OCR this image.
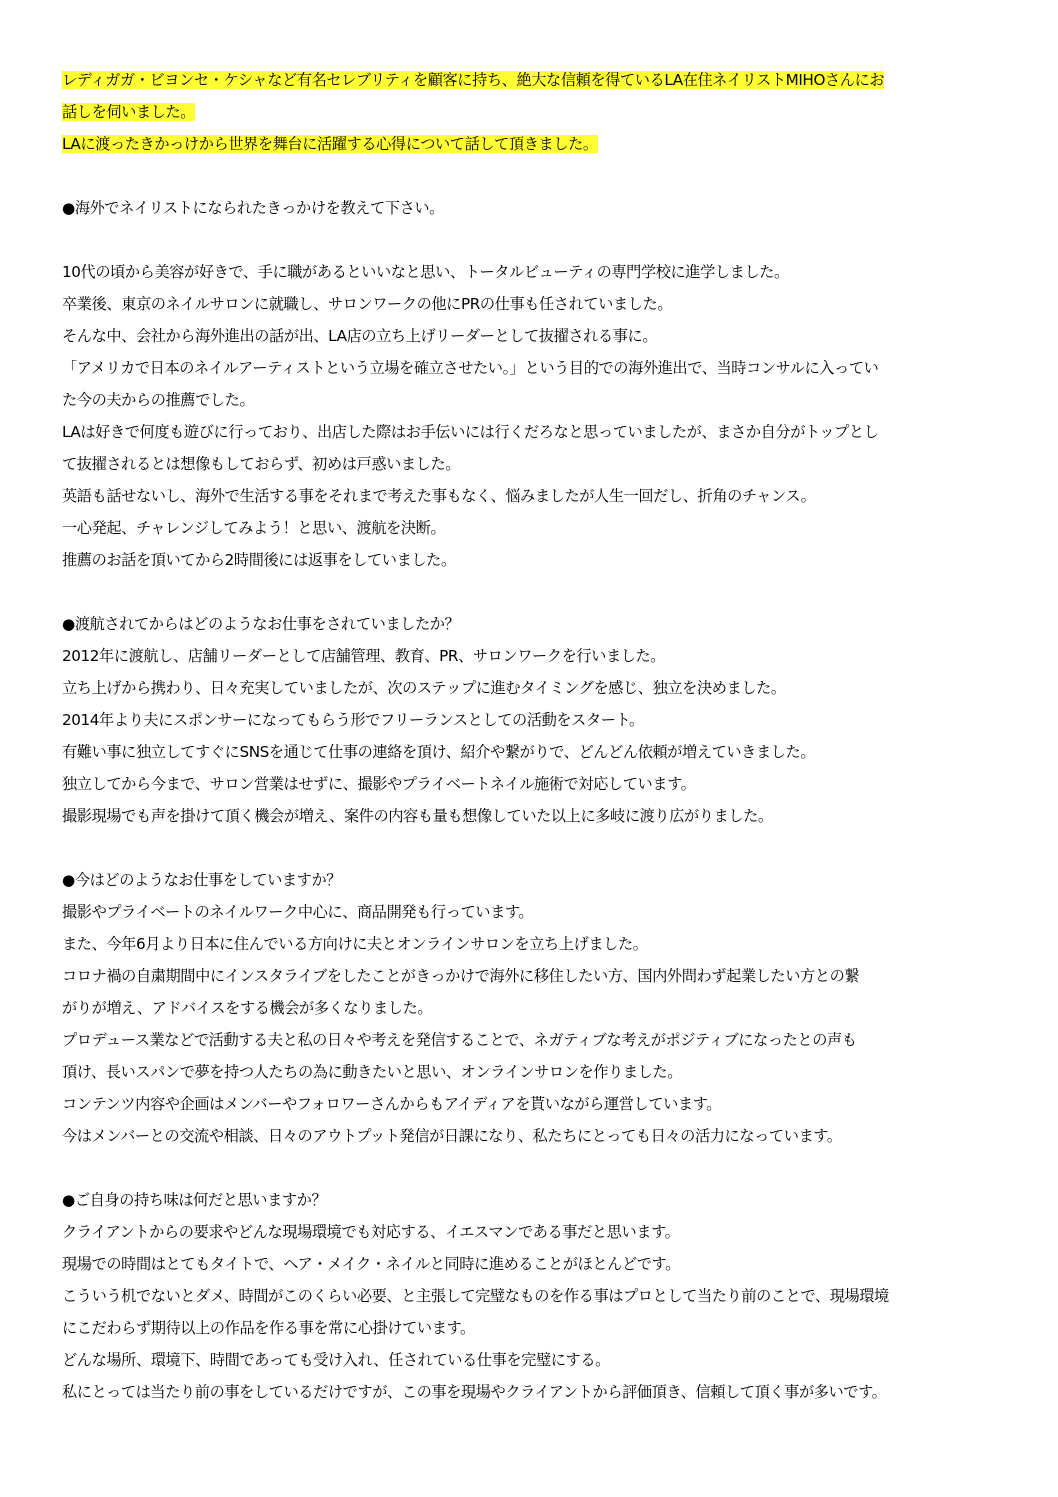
レディガガ・ビヨンセ・ケシャなど有名セレブリティを顧客に持ち、絶大な信頼を得ているLA在住ネイリストMIHOさんにお
話しを伺いました。
LAに渡ったきかっけから世界を舞台に活躍する心得について話して頂きました。
●海外でネイリストになられたきっかけを教えて下さい。
10代の頃から美容が好きで、手に職があるといいなと思い、トータルビューティの専門学校に進学しました。
卒業後、東京のネイルサロンに就職し、サロンワークの他にPRの仕事も任されていました。
そんな中、会社から海外進出の話が出、LA店の立ち上げリーダーとして抜擢される事に。
「アメリカで日本のネイルアーティストという立場を確立させたい。」という目的での海外進出で、当時コンサルに入ってい
た今の夫からの推薦でした。
LAは好きで何度も遊びに行っており、出店した際はお手伝いには行くだろなと思っていましたが、まさか自分がトップとし
て抜擢されるとは想像もしておらず、初めは戸惑いました。
英語も話せないし、海外で生活する事をそれまで考えた事もなく、悩みましたが人生一回だし、折角のチャンス。
一心発起、チャレンジしてみよう！と思い、渡航を決断。
推薦のお話を頂いてから2時間後には返事をしていました。
●渡航されてからはどのようなお仕事をされていましたか？
2012年に渡航し、店舗リーダーとして店舗管理、教育、PR、サロンワークを行いました。
立ち上げから携わり、日々充実していましたが、次のステップに進むタイミングを感じ、独立を決めました。
2014年より夫にスポンサーになってもらう形でフリーランスとしての活動をスタート。
有難い事に独立してすぐにSNSを通じて仕事の連絡を頂け、紹介や繋がりで、どんどん依頼が増えていきました。
独立してから今まで、サロン営業はせずに、撮影やプライベートネイル施術で対応しています。
撮影現場でも声を掛けて頂く機会が増え、案件の内容も量も想像していた以上に多岐に渡り広がりました。
●今はどのようなお仕事をしていますか？
撮影やプライベートのネイルワーク中心に、商品開発も行っています。
また、今年6月より日本に住んでいる方向けに夫とオンラインサロンを立ち上げました。
コロナ禍の自粛期間中にインスタライブをしたことがきっかけで海外に移住したい方、国内外問わず起業したい方との繋
がりが増え、アドバイスをする機会が多くなりました。
プロデュース業などで活動する夫と私の日々や考えを発信することで、ネガティブな考えがポジティブになったとの声も
頂け、長いスパンで夢を持つ人たちの為に動きたいと思い、オンラインサロンを作りました。
コンテンツ内容や企画はメンバーやフォロワーさんからもアイディアを貰いながら運営しています。
今はメンバーとの交流や相談、日々のアウトプット発信が日課になり、私たちにとっても日々の活力になっています。
●ご自身の持ち味は何だと思いますか？
クライアントからの要求やどんな現場環境でも対応する、イエスマンである事だと思います。
現場での時間はとてもタイトで、ヘア・メイク・ネイルと同時に進めることがほとんどです。
こういう机でないとダメ、時間がこのくらい必要、と主張して完璧なものを作る事はプロとして当たり前のことで、現場環境
にこだわらず期待以上の作品を作る事を常に心掛けています。
どんな場所、環境下、時間であっても受け入れ、任されている仕事を完璧にする。
私にとっては当たり前の事をしているだけですが、この事を現場やクライアントから評価頂き、信頼して頂く事が多いです。
